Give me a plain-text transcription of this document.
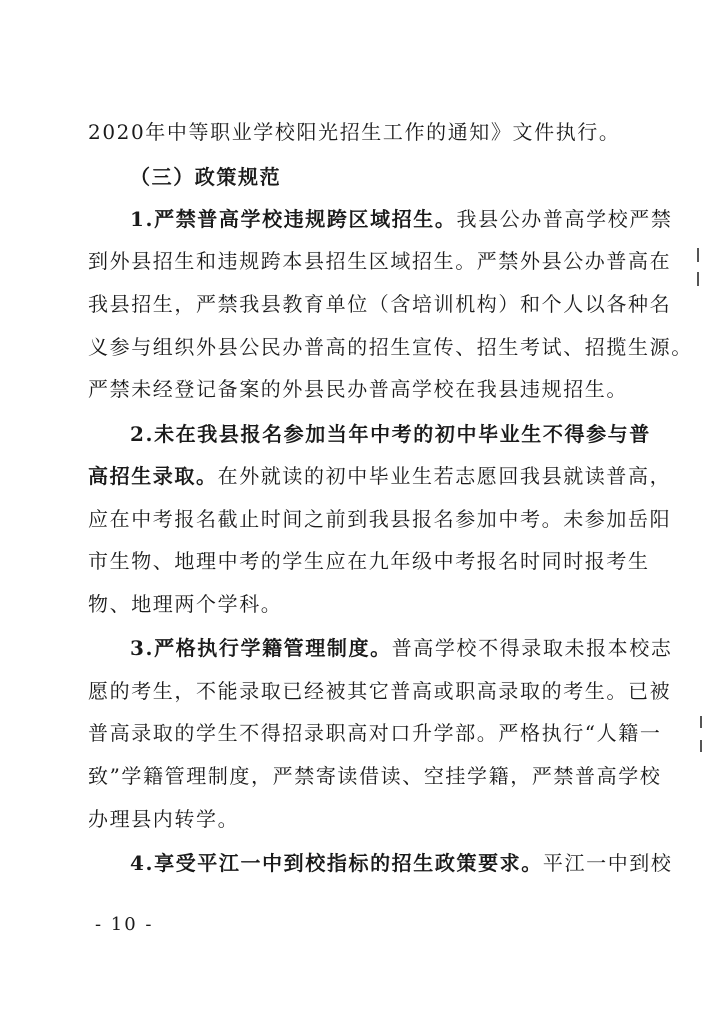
2020年中等职业学校阳光招生工作的通知》文件执行。
（三）政策规范
1.严禁普高学校违规跨区域招生。我县公办普高学校严禁
到外县招生和违规跨本县招生区域招生。严禁外县公办普高在
我县招生，严禁我县教育单位（含培训机构）和个人以各种名
义参与组织外县公民办普高的招生宣传、招生考试、招揽生源。
严禁未经登记备案的外县民办普高学校在我县违规招生。
2.未在我县报名参加当年中考的初中毕业生不得参与普
高招生录取。在外就读的初中毕业生若志愿回我县就读普高，
应在中考报名截止时间之前到我县报名参加中考。未参加岳阳
市生物、地理中考的学生应在九年级中考报名时同时报考生
物、地理两个学科。
3.严格执行学籍管理制度。普高学校不得录取未报本校志
愿的考生，不能录取已经被其它普高或职高录取的考生。已被
普高录取的学生不得招录职高对口升学部。严格执行“人籍一
致”学籍管理制度，严禁寄读借读、空挂学籍，严禁普高学校
办理县内转学。
4.享受平江一中到校指标的招生政策要求。平江一中到校
- 10 -
